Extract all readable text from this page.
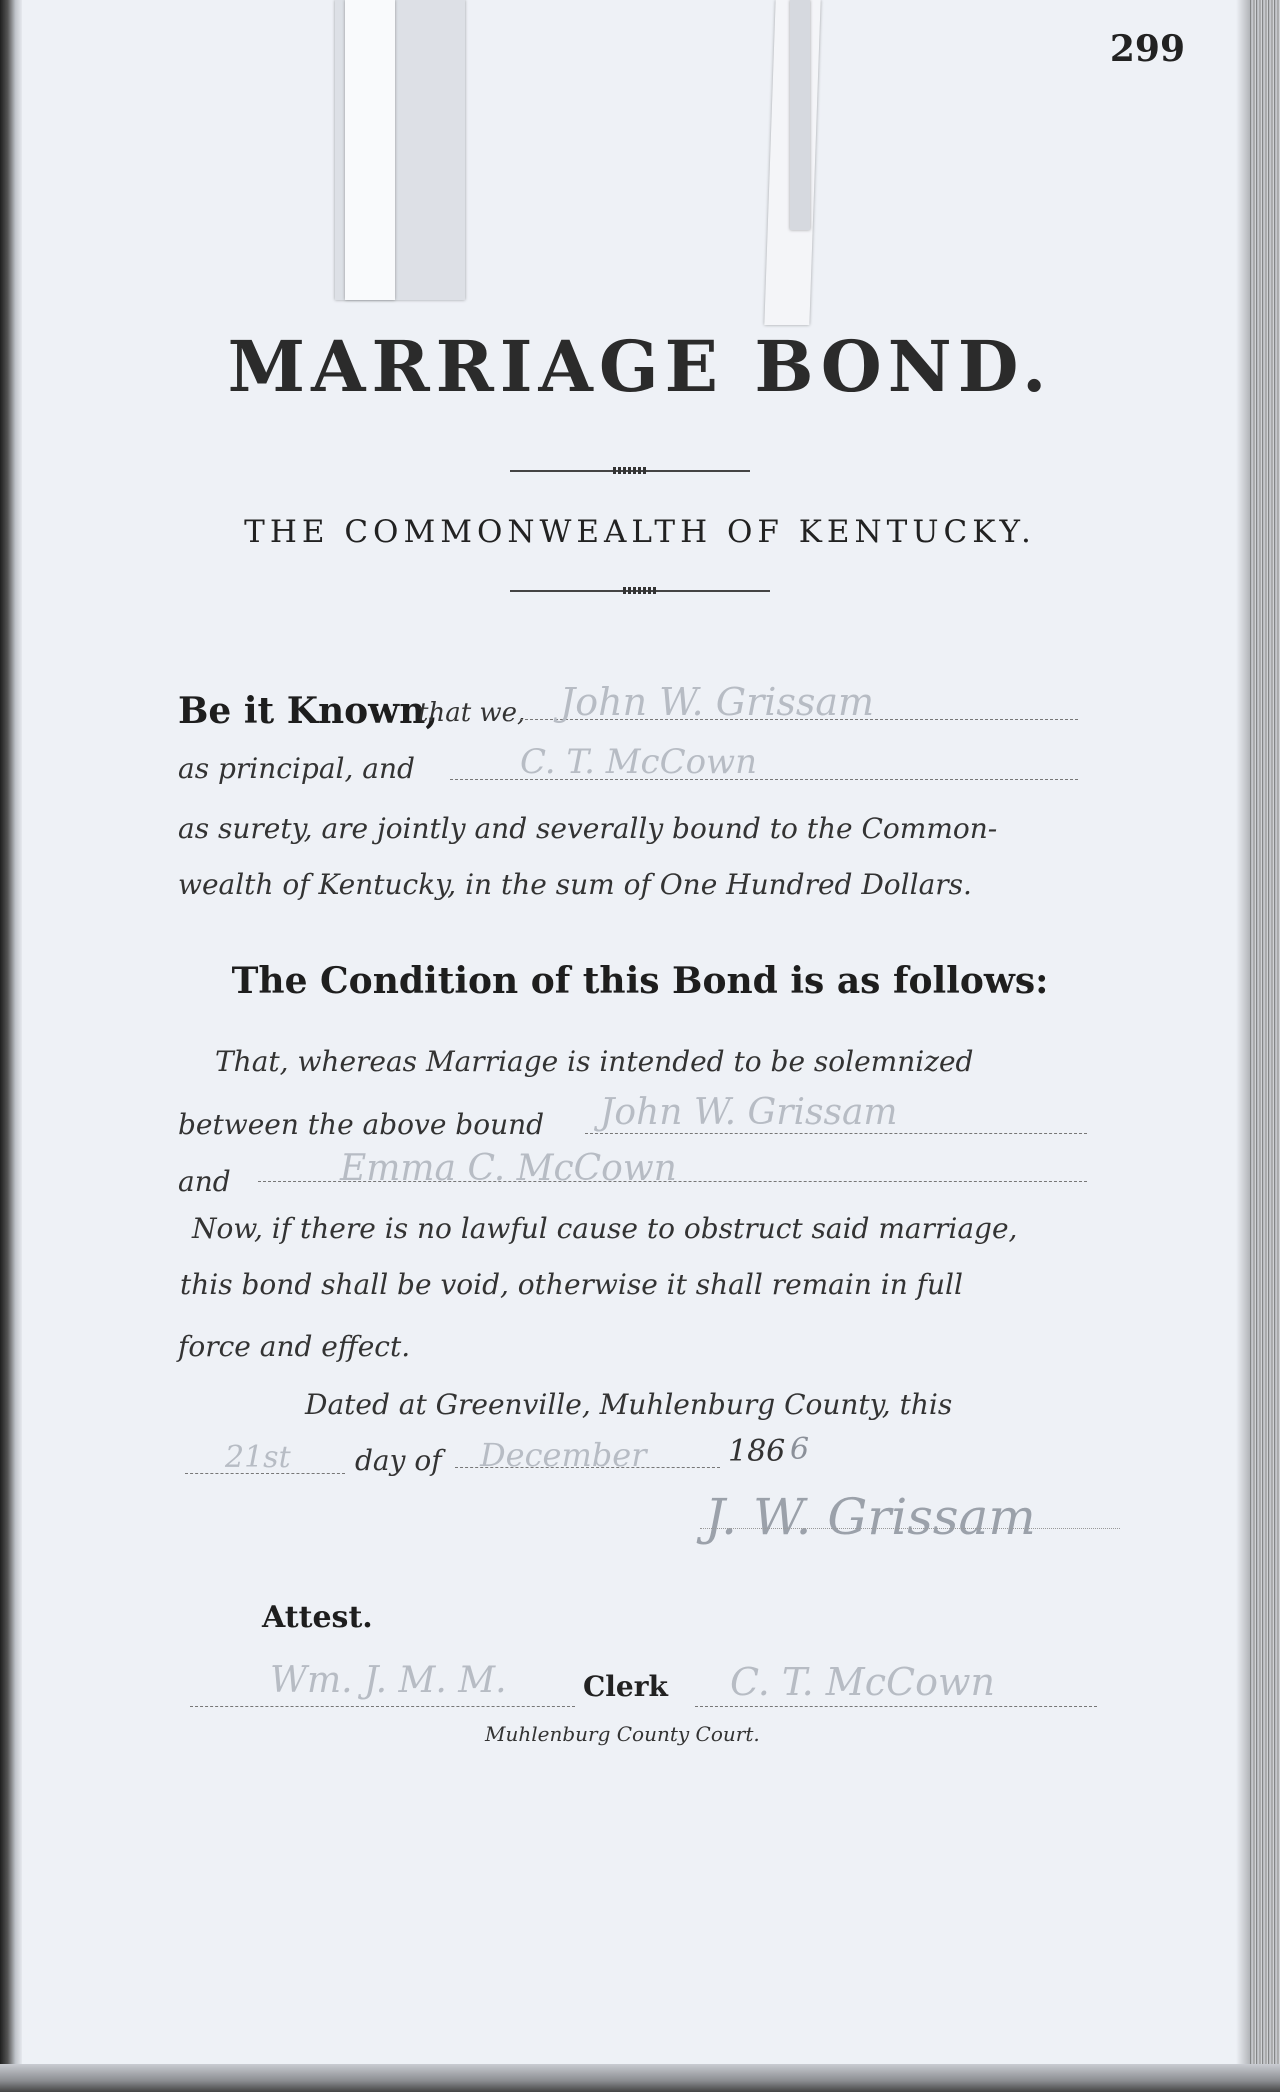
299
MARRIAGE BOND.
THE COMMONWEALTH OF KENTUCKY.
Be it Known,
that we, John W. Grissam
as principal, and	C. T. McCown
as surety, are jointly and severally bound to the Common-
wealth of Kentucky, in the sum of One Hundred Dollars.
The Condition of this Bond is as follows:
That, whereas Marriage is intended to be solemnized
between the above bound John W. Grissam
and	Emma C. McCown
Now, if there is no lawful cause to obstruct said marriage,
this bond shall be void, otherwise it shall remain in full
force and effect.
Dated at Greenville, Muhlenburg County, this
21st day of December	186 6
J. W. Grissam
Attest.
Wm. J. M. M.	Clerk C. T. McCown
Muhlenburg County Court.
